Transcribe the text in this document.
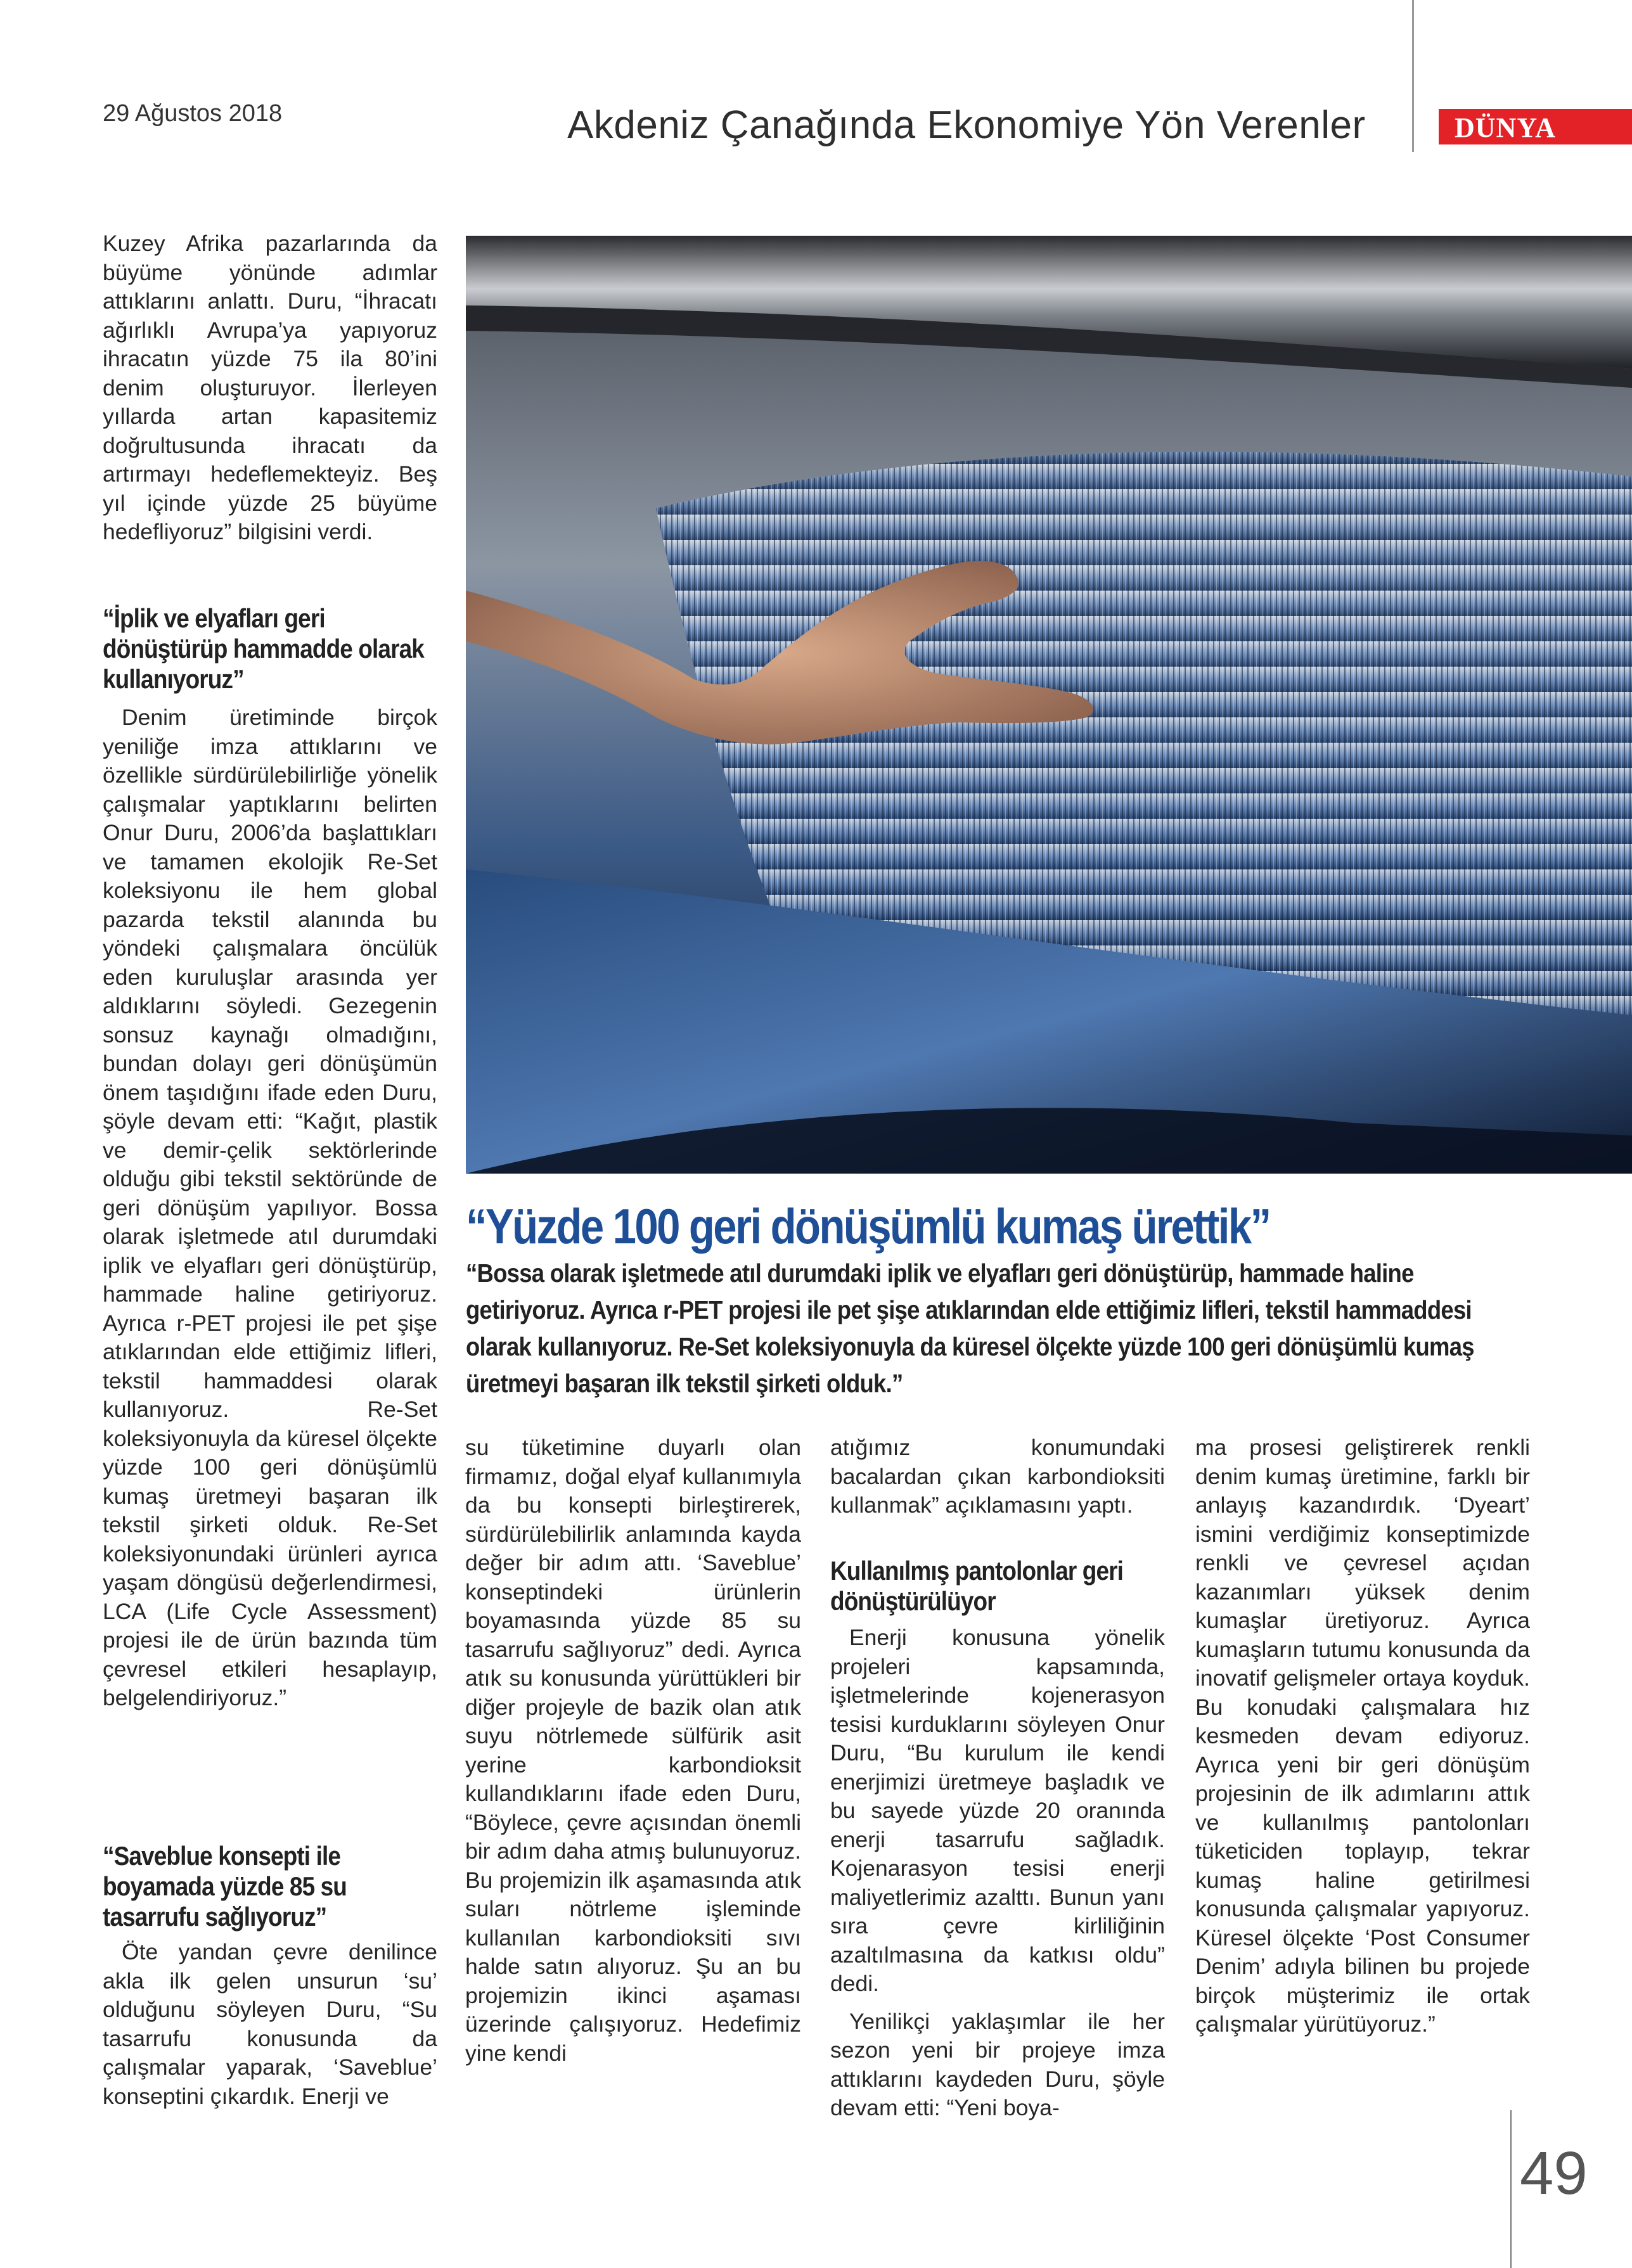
29 Ağustos 2018	Akdeniz Çanağında Ekonomiye Yön Verenler	DÜNYA

Kuzey Afrika pazarlarında da büyüme yönünde adımlar attıklarını anlattı. Duru, “İhracatı ağırlıklı Avrupa’ya yapıyoruz ihracatın yüzde 75 ila 80’ini denim oluşturuyor. İlerleyen yıllarda artan kapasitemiz doğrultusunda ihracatı da artırmayı hedeflemekteyiz. Beş yıl içinde yüzde 25 büyüme hedefliyoruz” bilgisini verdi.

“İplik ve elyafları geri dönüştürüp hammadde olarak kullanıyoruz”

Denim üretiminde birçok yeniliğe imza attıklarını ve özellikle sürdürülebilirliğe yönelik çalışmalar yaptıklarını belirten Onur Duru, 2006’da başlattıkları ve tamamen ekolojik Re-Set koleksiyonu ile hem global pazarda tekstil alanında bu yöndeki çalışmalara öncülük eden kuruluşlar arasında yer aldıklarını söyledi. Gezegenin sonsuz kaynağı olmadığını, bundan dolayı geri dönüşümün önem taşıdığını ifade eden Duru, şöyle devam etti: “Kağıt, plastik ve demir-çelik sektörlerinde olduğu gibi tekstil sektöründe de geri dönüşüm yapılıyor. Bossa olarak işletmede atıl durumdaki iplik ve elyafları geri dönüştürüp, hammade haline getiriyoruz. Ayrıca r-PET projesi ile pet şişe atıklarından elde ettiğimiz lifleri, tekstil hammaddesi olarak kullanıyoruz. Re-Set koleksiyonuyla da küresel ölçekte yüzde 100 geri dönüşümlü kumaş üretmeyi başaran ilk tekstil şirketi olduk. Re-Set koleksiyonundaki ürünleri ayrıca yaşam döngüsü değerlendirmesi, LCA (Life Cycle Assessment) projesi ile de ürün bazında tüm çevresel etkileri hesaplayıp, belgelendiriyoruz.”

“Saveblue konsepti ile boyamada yüzde 85 su tasarrufu sağlıyoruz”

Öte yandan çevre denilince akla ilk gelen unsurun ‘su’ olduğunu söyleyen Duru, “Su tasarrufu konusunda da çalışmalar yaparak, ‘Saveblue’ konseptini çıkardık. Enerji ve

“Yüzde 100 geri dönüşümlü kumaş ürettik”
“Bossa olarak işletmede atıl durumdaki iplik ve elyafları geri dönüştürüp, hammade haline getiriyoruz. Ayrıca r-PET projesi ile pet şişe atıklarından elde ettiğimiz lifleri, tekstil hammaddesi olarak kullanıyoruz. Re-Set koleksiyonuyla da küresel ölçekte yüzde 100 geri dönüşümlü kumaş üretmeyi başaran ilk tekstil şirketi olduk.”

su tüketimine duyarlı olan firmamız, doğal elyaf kullanımıyla da bu konsepti birleştirerek, sürdürülebilirlik anlamında kayda değer bir adım attı. ‘Saveblue’ konseptindeki ürünlerin boyamasında yüzde 85 su tasarrufu sağlıyoruz” dedi. Ayrıca atık su konusunda yürüttükleri bir diğer projeyle de bazik olan atık suyu nötrlemede sülfürik asit yerine karbondioksit kullandıklarını ifade eden Duru, “Böylece, çevre açısından önemli bir adım daha atmış bulunuyoruz. Bu projemizin ilk aşamasında atık suları nötrleme işleminde kullanılan karbondioksiti sıvı halde satın alıyoruz. Şu an bu projemizin ikinci aşaması üzerinde çalışıyoruz. Hedefimiz yine kendi

atığımız konumundaki bacalardan çıkan karbondioksiti kullanmak” açıklamasını yaptı.

Kullanılmış pantolonlar geri dönüştürülüyor

Enerji konusuna yönelik projeleri kapsamında, işletmelerinde kojenerasyon tesisi kurduklarını söyleyen Onur Duru, “Bu kurulum ile kendi enerjimizi üretmeye başladık ve bu sayede yüzde 20 oranında enerji tasarrufu sağladık. Kojenarasyon tesisi enerji maliyetlerimiz azalttı. Bunun yanı sıra çevre kirliliğinin azaltılmasına da katkısı oldu” dedi.

Yenilikçi yaklaşımlar ile her sezon yeni bir projeye imza attıklarını kaydeden Duru, şöyle devam etti: “Yeni boya-

ma prosesi geliştirerek renkli denim kumaş üretimine, farklı bir anlayış kazandırdık. ‘Dyeart’ ismini verdiğimiz konseptimizde renkli ve çevresel açıdan kazanımları yüksek denim kumaşlar üretiyoruz. Ayrıca kumaşların tutumu konusunda da inovatif gelişmeler ortaya koyduk. Bu konudaki çalışmalara hız kesmeden devam ediyoruz. Ayrıca yeni bir geri dönüşüm projesinin de ilk adımlarını attık ve kullanılmış pantolonları tüketiciden toplayıp, tekrar kumaş haline getirilmesi konusunda çalışmalar yapıyoruz. Küresel ölçekte ‘Post Consumer Denim’ adıyla bilinen bu projede birçok müşterimiz ile ortak çalışmalar yürütüyoruz.”

49
